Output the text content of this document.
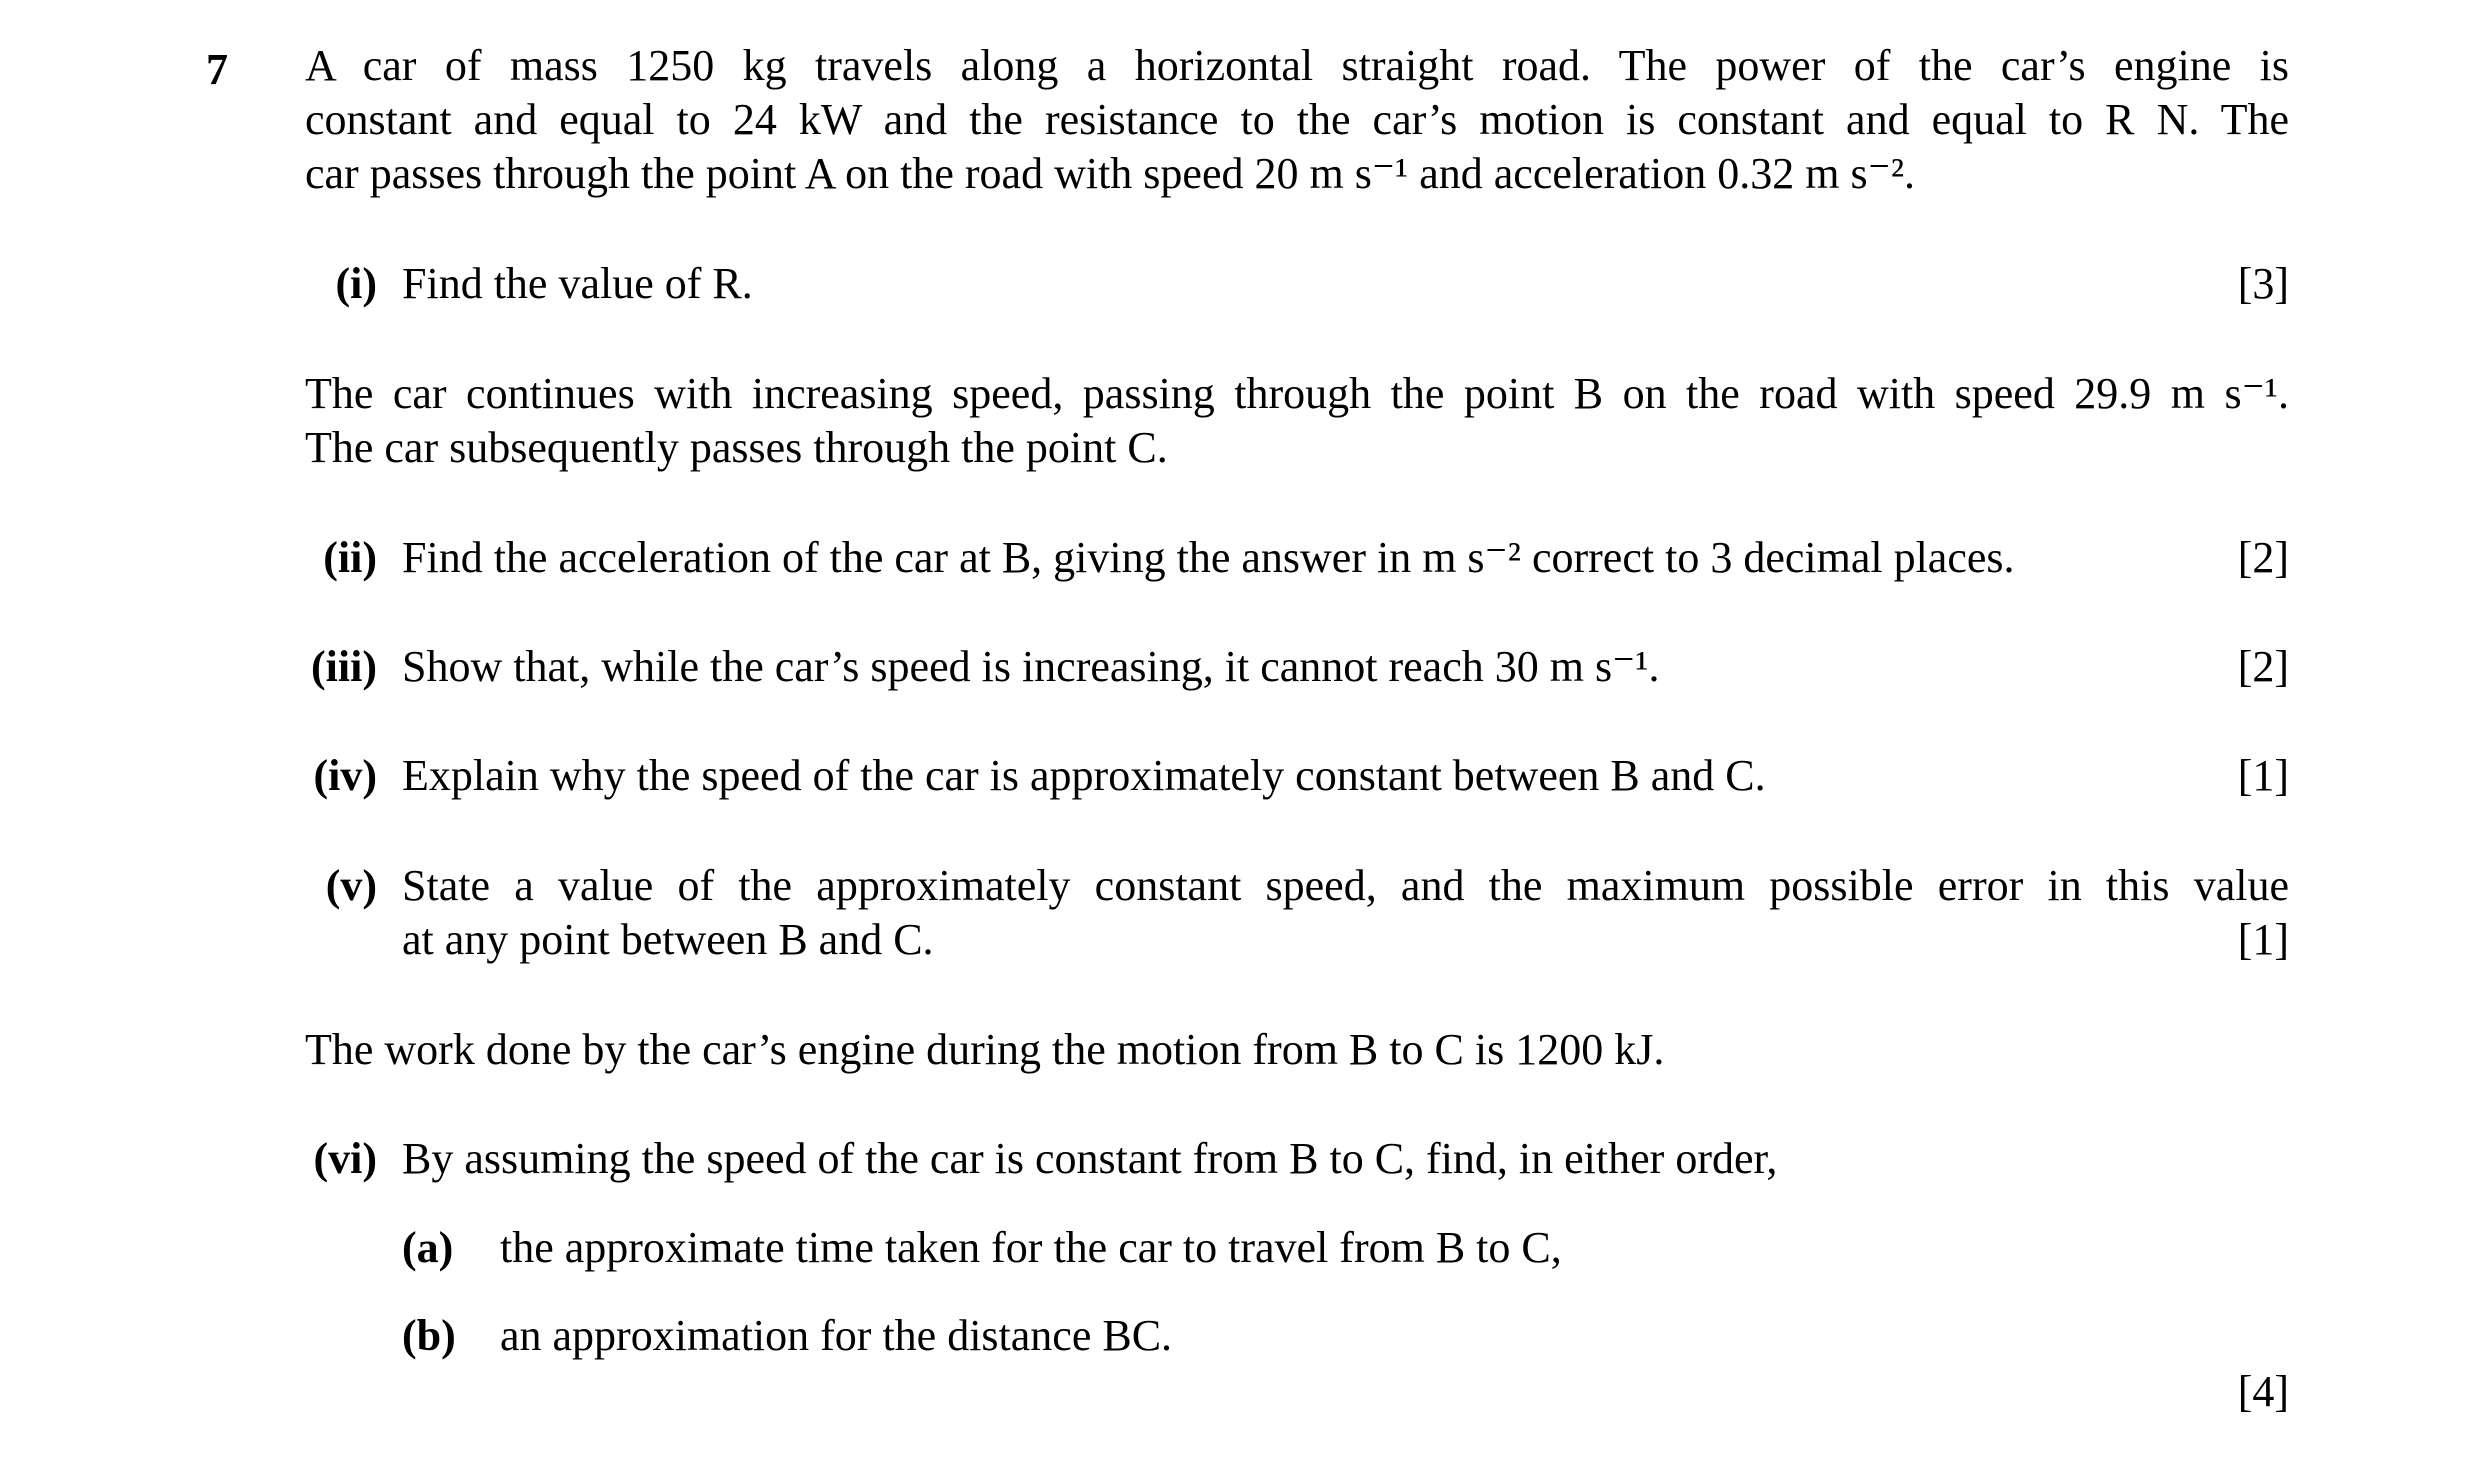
7 A car of mass 1250 kg travels along a horizontal straight road. The power of the car’s engine is
constant and equal to 24 kW and the resistance to the car’s motion is constant and equal to R N. The
car passes through the point A on the road with speed 20 m s⁻¹ and acceleration 0.32 m s⁻².
(i) Find the value of R.	[3]
The car continues with increasing speed, passing through the point B on the road with speed 29.9 m s⁻¹.
The car subsequently passes through the point C.
(ii) Find the acceleration of the car at B, giving the answer in m s⁻² correct to 3 decimal places.	[2]
(iii) Show that, while the car’s speed is increasing, it cannot reach 30 m s⁻¹.	[2]
(iv) Explain why the speed of the car is approximately constant between B and C.	[1]
(v) State a value of the approximately constant speed, and the maximum possible error in this value
at any point between B and C.	[1]
The work done by the car’s engine during the motion from B to C is 1200 kJ.
(vi) By assuming the speed of the car is constant from B to C, find, in either order,
(a) the approximate time taken for the car to travel from B to C,
(b) an approximation for the distance BC.
[4]
